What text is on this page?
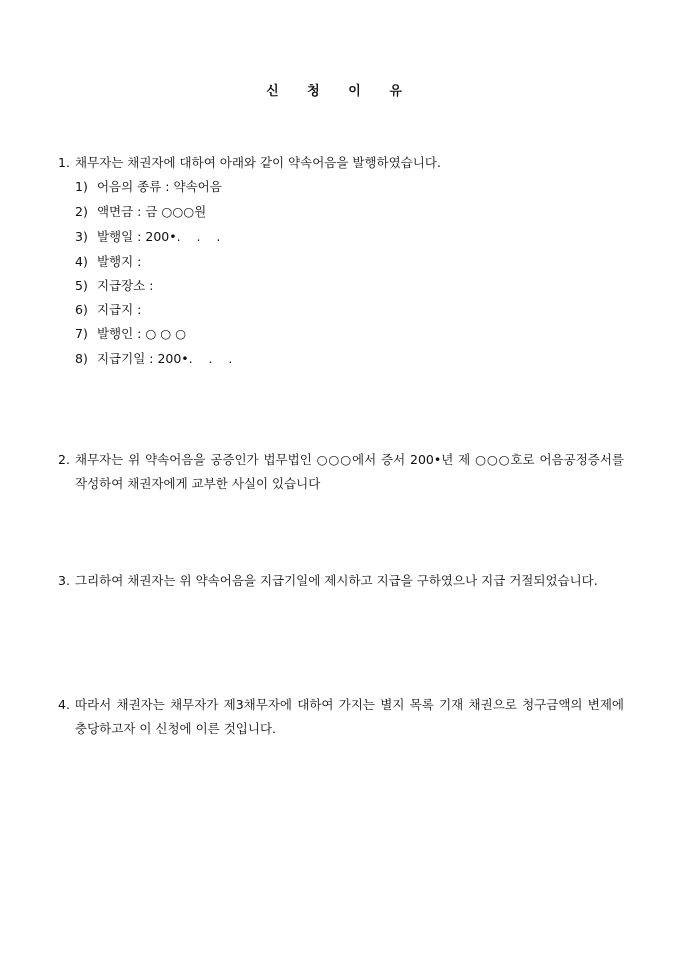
신 청 이 유
1. 채무자는 채권자에 대하여 아래와 같이 약속어음을 발행하였습니다.
1) 어음의 종류 : 약속어음
2) 액면금 : 금 ○○○원
3) 발행일 : 200•.    .    .
4) 발행지 :
5) 지급장소 :
6) 지급지 :
7) 발행인 : ○ ○ ○
8) 지급기일 : 200•.    .    .
2. 채무자는 위 약속어음을 공증인가 법무법인 ○○○에서 증서 200•년 제 ○○○호로 어음공정증서를 작성하여 채권자에게 교부한 사실이 있습니다
3. 그리하여 채권자는 위 약속어음을 지급기일에 제시하고 지급을 구하였으나 지급 거절되었습니다.
4. 따라서 채권자는 채무자가 제3채무자에 대하여 가지는 별지 목록 기재 채권으로 청구금액의 변제에 충당하고자 이 신청에 이른 것입니다.
